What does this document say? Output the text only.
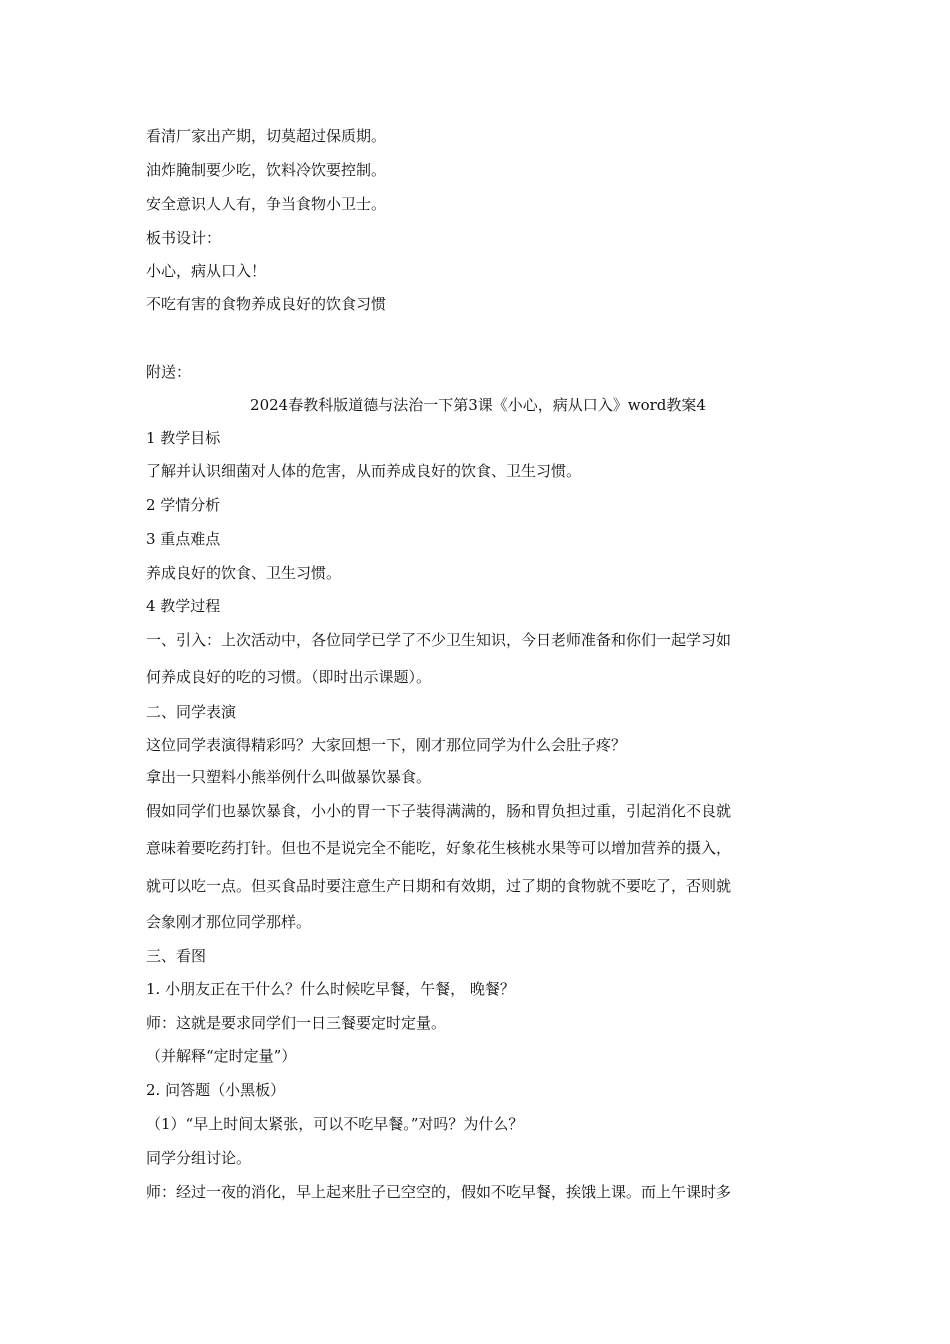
看清厂家出产期，切莫超过保质期。
油炸腌制要少吃，饮料冷饮要控制。
安全意识人人有，争当食物小卫士。
板书设计：
小心，病从口入！
不吃有害的食物养成良好的饮食习惯
附送：
2024春教科版道德与法治一下第3课《小心，病从口入》word教案4
1 教学目标
了解并认识细菌对人体的危害，从而养成良好的饮食、卫生习惯。
2 学情分析
3 重点难点
养成良好的饮食、卫生习惯。
4 教学过程
一、引入：上次活动中，各位同学已学了不少卫生知识，今日老师准备和你们一起学习如
何养成良好的吃的习惯。（即时出示课题）。
二、同学表演
这位同学表演得精彩吗？大家回想一下，刚才那位同学为什么会肚子疼？
拿出一只塑料小熊举例什么叫做暴饮暴食。
假如同学们也暴饮暴食，小小的胃一下子装得满满的，肠和胃负担过重，引起消化不良就
意味着要吃药打针。但也不是说完全不能吃，好象花生核桃水果等可以增加营养的摄入，
就可以吃一点。但买食品时要注意生产日期和有效期，过了期的食物就不要吃了，否则就
会象刚才那位同学那样。
三、看图
1. 小朋友正在干什么？什么时候吃早餐，午餐， 晚餐？
师：这就是要求同学们一日三餐要定时定量。
（并解释“定时定量”）
2. 问答题（小黑板）
（1）“早上时间太紧张，可以不吃早餐。”对吗？为什么？
同学分组讨论。
师：经过一夜的消化，早上起来肚子已空空的，假如不吃早餐，挨饿上课。而上午课时多
